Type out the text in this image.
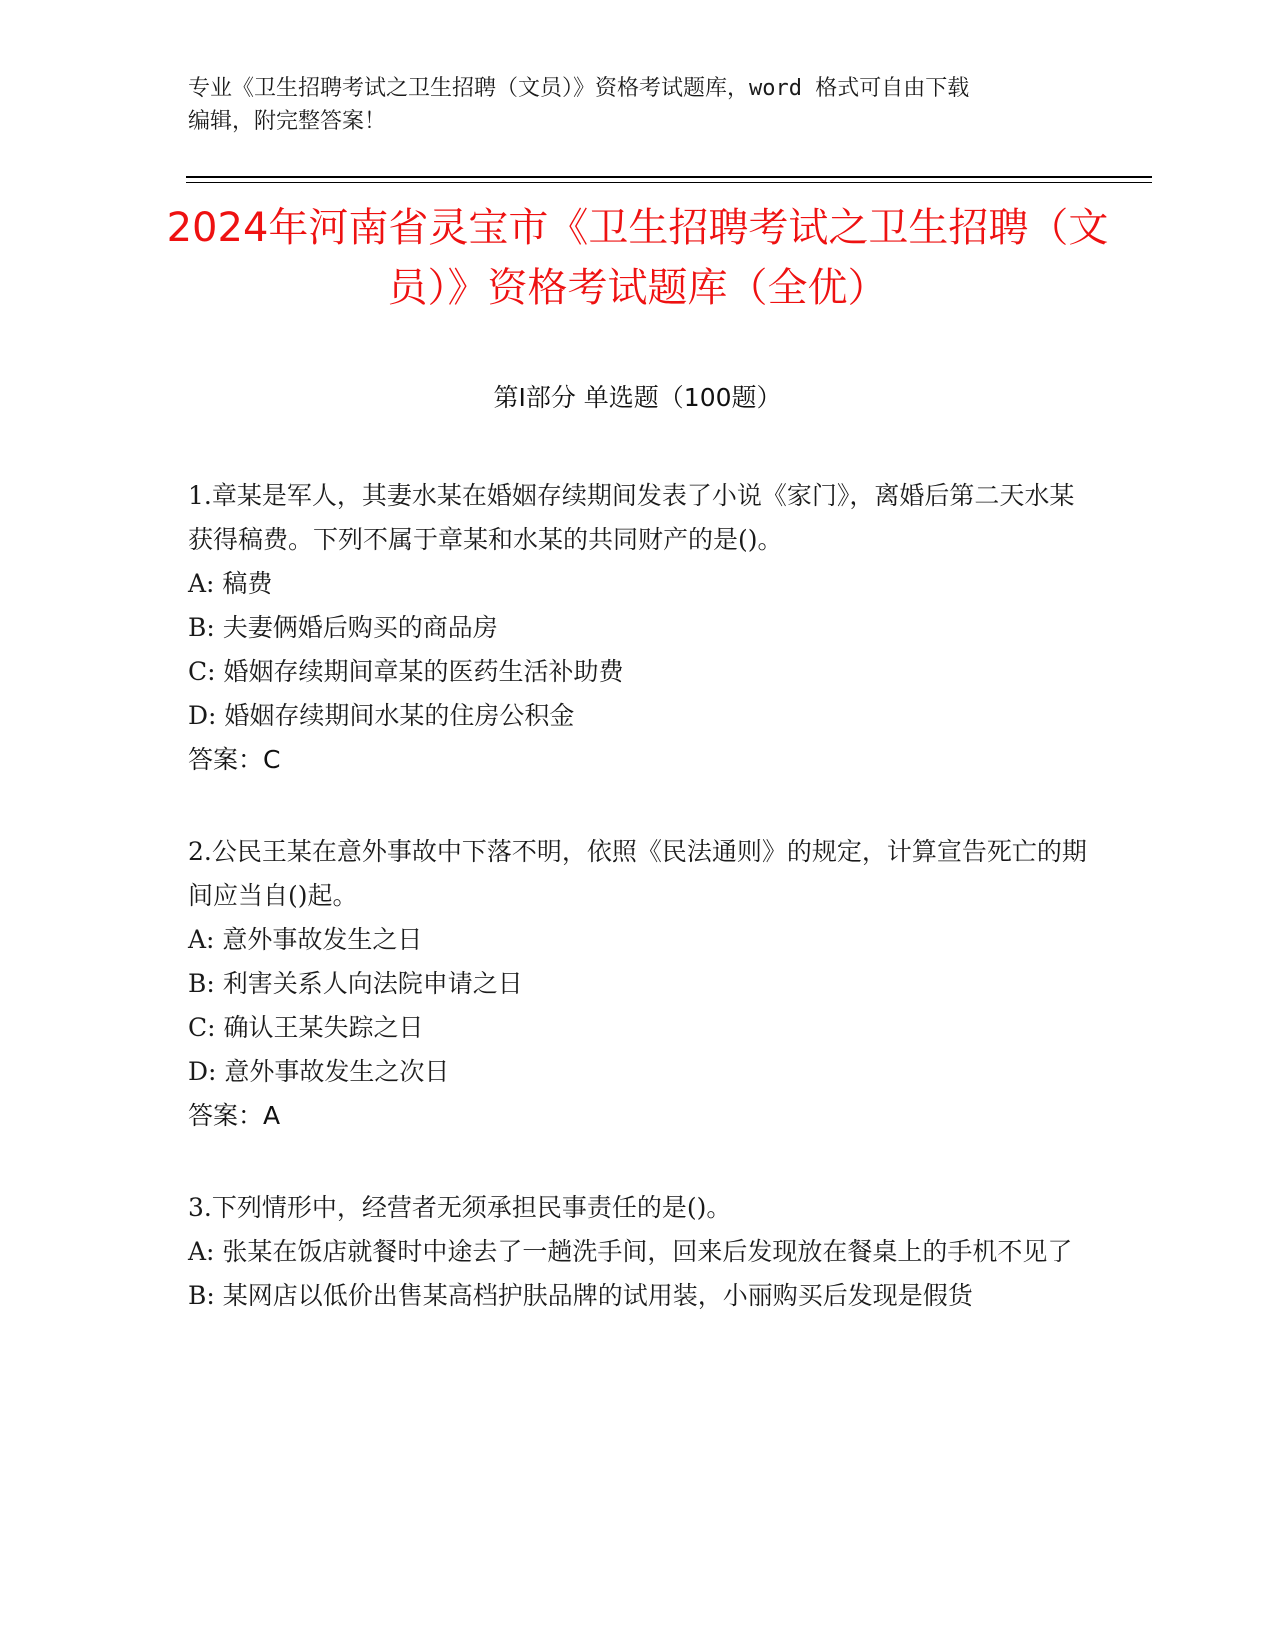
专业《卫生招聘考试之卫生招聘（文员）》资格考试题库，word 格式可自由下载
编辑，附完整答案！
2024年河南省灵宝市《卫生招聘考试之卫生招聘（文员）》资格考试题库（全优）
第Ⅰ部分 单选题（100题）

1.章某是军人，其妻水某在婚姻存续期间发表了小说《家门》，离婚后第二天水某获得稿费。下列不属于章某和水某的共同财产的是()。

A: 稿费

B: 夫妻俩婚后购买的商品房

C: 婚姻存续期间章某的医药生活补助费

D: 婚姻存续期间水某的住房公积金

答案：C

2.公民王某在意外事故中下落不明，依照《民法通则》的规定，计算宣告死亡的期间应当自()起。

A: 意外事故发生之日

B: 利害关系人向法院申请之日

C: 确认王某失踪之日

D: 意外事故发生之次日

答案：A

3.下列情形中，经营者无须承担民事责任的是()。

A: 张某在饭店就餐时中途去了一趟洗手间，回来后发现放在餐桌上的手机不见了

B: 某网店以低价出售某高档护肤品牌的试用装，小丽购买后发现是假货
